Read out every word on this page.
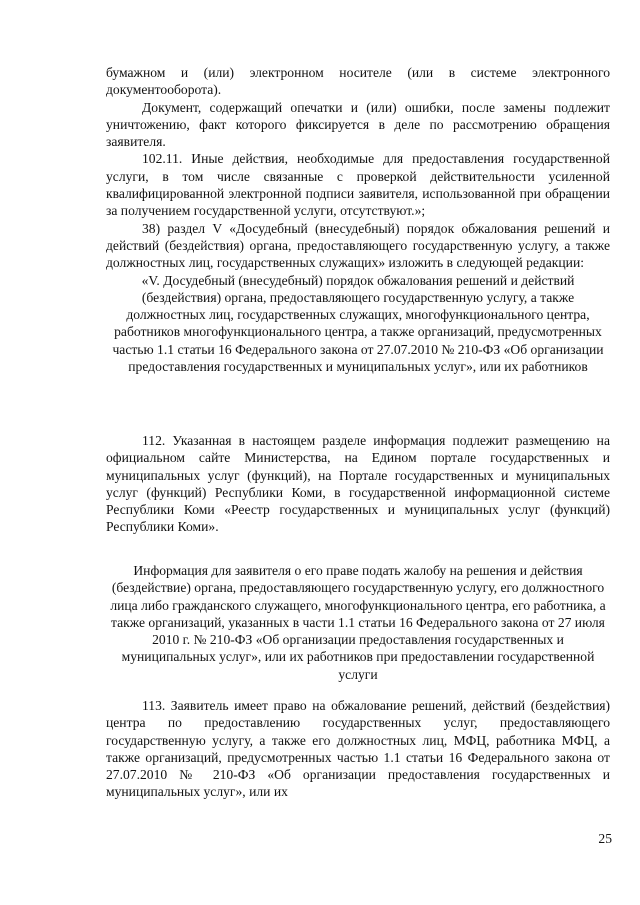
бумажном и (или) электронном носителе (или в системе электронного документооборота).

Документ, содержащий опечатки и (или) ошибки, после замены подлежит уничтожению, факт которого фиксируется в деле по рассмотрению обращения заявителя.

102.11. Иные действия, необходимые для предоставления государственной услуги, в том числе связанные с проверкой действительности усиленной квалифицированной электронной подписи заявителя, использованной при обращении за получением государственной услуги, отсутствуют.»;

38) раздел V «Досудебный (внесудебный) порядок обжалования решений и действий (бездействия) органа, предоставляющего государственную услугу, а также должностных лиц, государственных служащих» изложить в следующей редакции:

«V. Досудебный (внесудебный) порядок обжалования решений и действий (бездействия) органа, предоставляющего государственную услугу, а также должностных лиц, государственных служащих, многофункционального центра, работников многофункционального центра, а также организаций, предусмотренных частью 1.1 статьи 16 Федерального закона от 27.07.2010 № 210-ФЗ «Об организации предоставления государственных и муниципальных услуг», или их работников

112. Указанная в настоящем разделе информация подлежит размещению на официальном сайте Министерства, на Едином портале государственных и муниципальных услуг (функций), на Портале государственных и муниципальных услуг (функций) Республики Коми, в государственной информационной системе Республики Коми «Реестр государственных и муниципальных услуг (функций) Республики Коми».

Информация для заявителя о его праве подать жалобу на решения и действия (бездействие) органа, предоставляющего государственную услугу, его должностного лица либо гражданского служащего, многофункционального центра, его работника, а также организаций, указанных в части 1.1 статьи 16 Федерального закона от 27 июля 2010 г. № 210-ФЗ «Об организации предоставления государственных и муниципальных услуг», или их работников при предоставлении государственной услуги

113. Заявитель имеет право на обжалование решений, действий (бездействия) центра по предоставлению государственных услуг, предоставляющего государственную услугу, а также его должностных лиц, МФЦ, работника МФЦ, а также организаций, предусмотренных частью 1.1 статьи 16 Федерального закона от 27.07.2010 № 210-ФЗ «Об организации предоставления государственных и муниципальных услуг», или их

25
